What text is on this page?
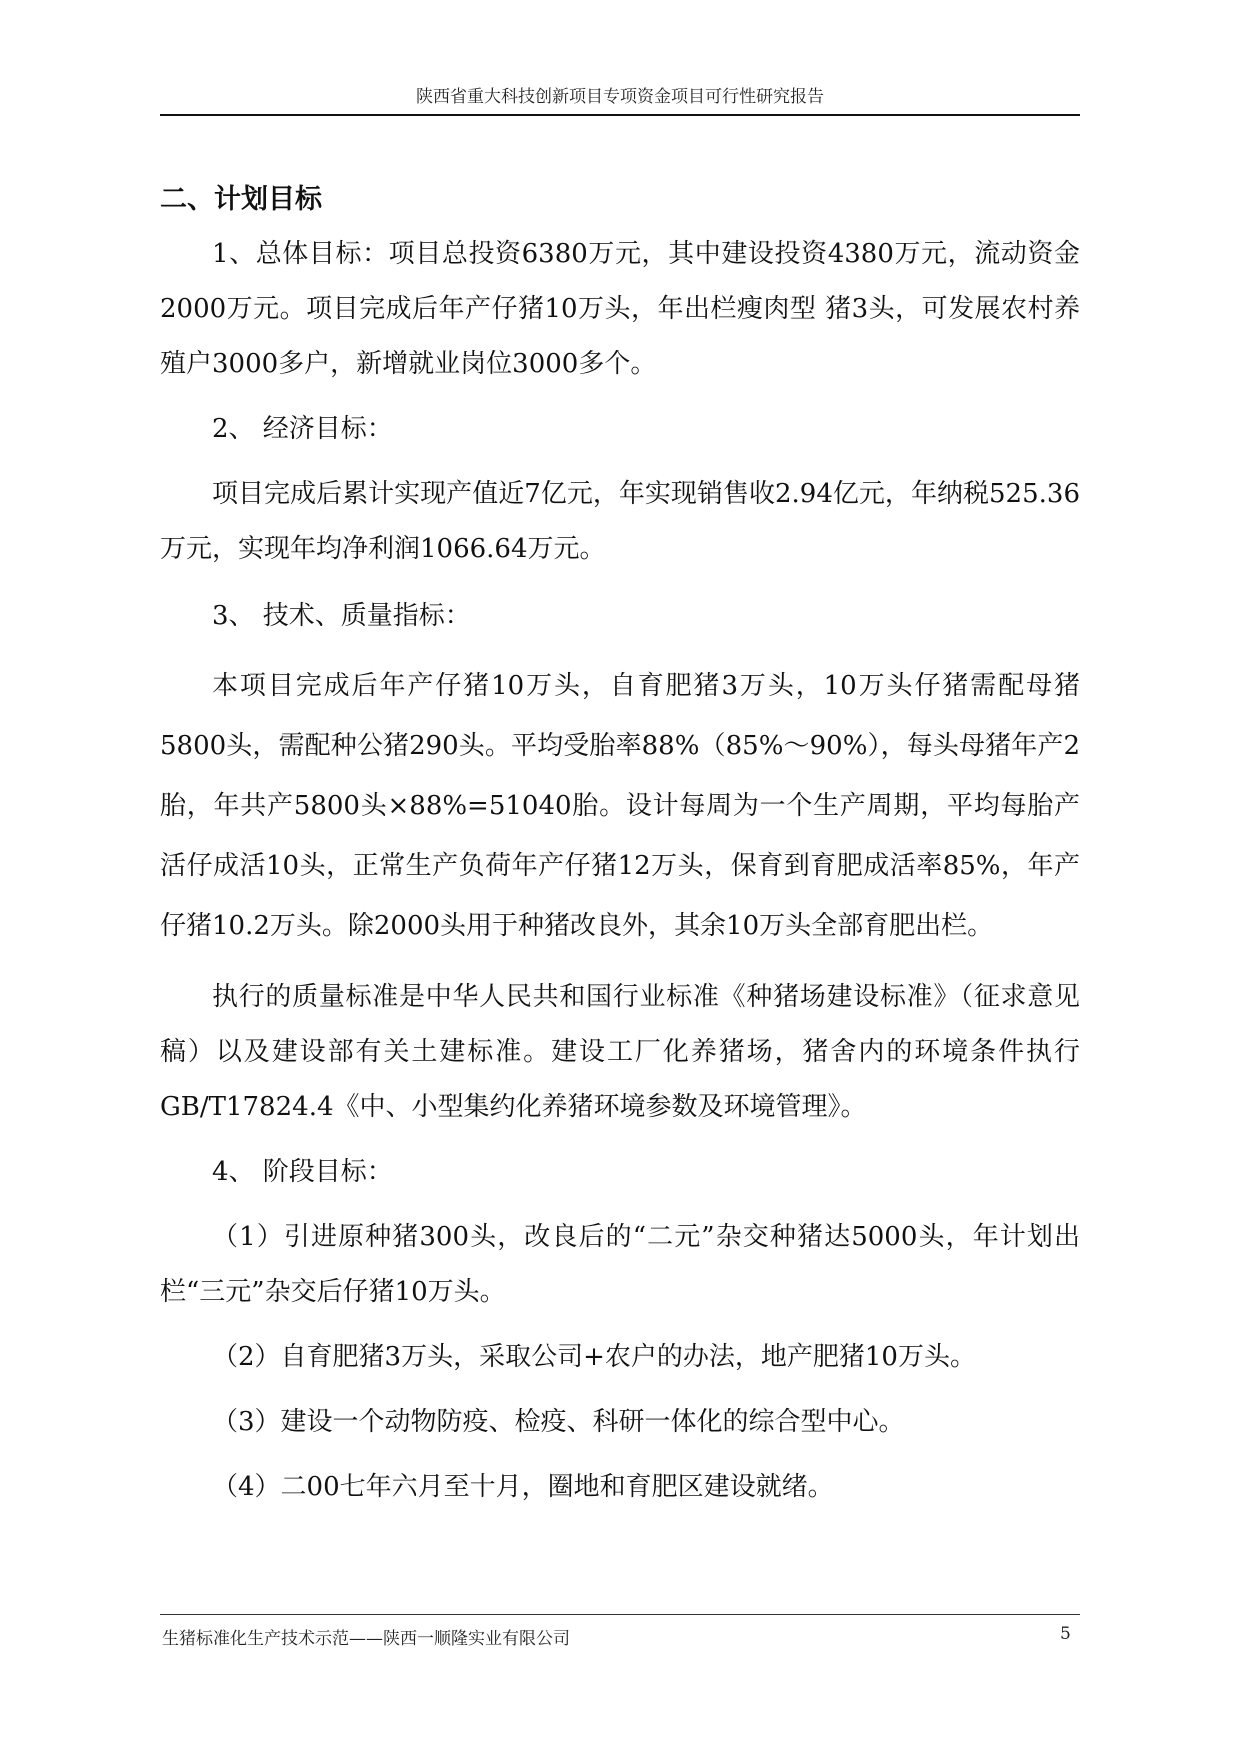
陕西省重大科技创新项目专项资金项目可行性研究报告
二、计划目标

1、总体目标：项目总投资6380万元，其中建设投资4380万元，流动资金2000万元。项目完成后年产仔猪10万头，年出栏瘦肉型 猪3头，可发展农村养殖户3000多户，新增就业岗位3000多个。

2、 经济目标：

项目完成后累计实现产值近7亿元，年实现销售收2.94亿元，年纳税525.36万元，实现年均净利润1066.64万元。

3、 技术、质量指标：

本项目完成后年产仔猪10万头，自育肥猪3万头，10万头仔猪需配母猪5800头，需配种公猪290头。平均受胎率88%（85%～90%），每头母猪年产2胎，年共产5800头×88%=51040胎。设计每周为一个生产周期，平均每胎产活仔成活10头，正常生产负荷年产仔猪12万头，保育到育肥成活率85%，年产仔猪10.2万头。除2000头用于种猪改良外，其余10万头全部育肥出栏。

执行的质量标准是中华人民共和国行业标准《种猪场建设标准》（征求意见稿）以及建设部有关土建标准。建设工厂化养猪场，猪舍内的环境条件执行GB/T17824.4《中、小型集约化养猪环境参数及环境管理》。

4、 阶段目标：

（1）引进原种猪300头，改良后的“二元”杂交种猪达5000头，年计划出栏“三元”杂交后仔猪10万头。

（2）自育肥猪3万头，采取公司+农户的办法，地产肥猪10万头。

（3）建设一个动物防疫、检疫、科研一体化的综合型中心。

（4）二00七年六月至十月，圈地和育肥区建设就绪。

生猪标准化生产技术示范——陕西一顺隆实业有限公司	5
